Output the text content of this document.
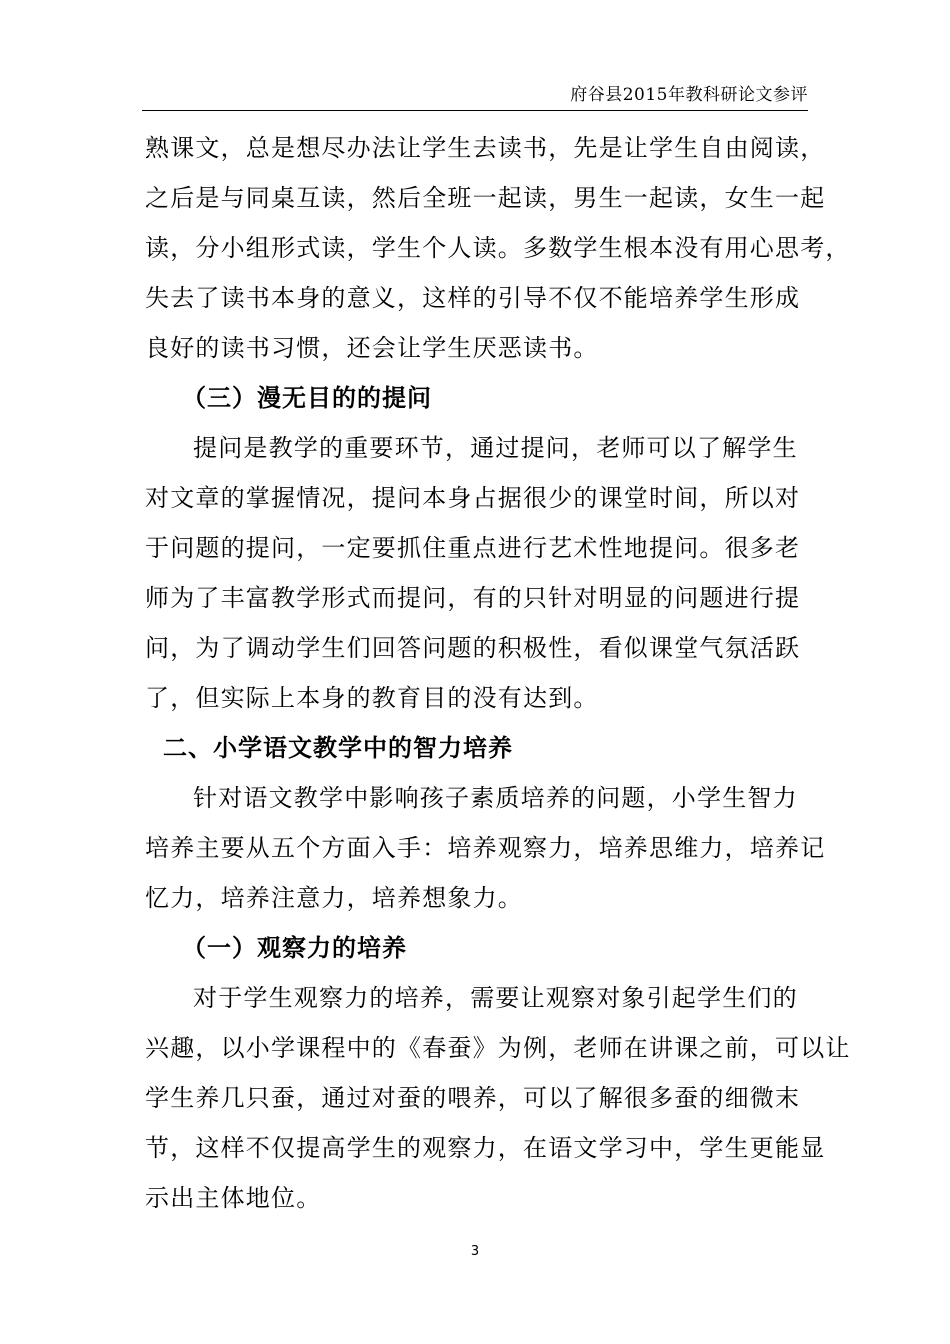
府谷县2015年教科研论文参评
熟课文，总是想尽办法让学生去读书，先是让学生自由阅读，
之后是与同桌互读，然后全班一起读，男生一起读，女生一起
读，分小组形式读，学生个人读。多数学生根本没有用心思考，
失去了读书本身的意义，这样的引导不仅不能培养学生形成
良好的读书习惯，还会让学生厌恶读书。
（三）漫无目的的提问
提问是教学的重要环节，通过提问，老师可以了解学生
对文章的掌握情况，提问本身占据很少的课堂时间，所以对
于问题的提问，一定要抓住重点进行艺术性地提问。很多老
师为了丰富教学形式而提问，有的只针对明显的问题进行提
问，为了调动学生们回答问题的积极性，看似课堂气氛活跃
了，但实际上本身的教育目的没有达到。
二、小学语文教学中的智力培养
针对语文教学中影响孩子素质培养的问题，小学生智力
培养主要从五个方面入手：培养观察力，培养思维力，培养记
忆力，培养注意力，培养想象力。
（一）观察力的培养
对于学生观察力的培养，需要让观察对象引起学生们的
兴趣，以小学课程中的《春蚕》为例，老师在讲课之前，可以让
学生养几只蚕，通过对蚕的喂养，可以了解很多蚕的细微末
节，这样不仅提高学生的观察力，在语文学习中，学生更能显
示出主体地位。
3
